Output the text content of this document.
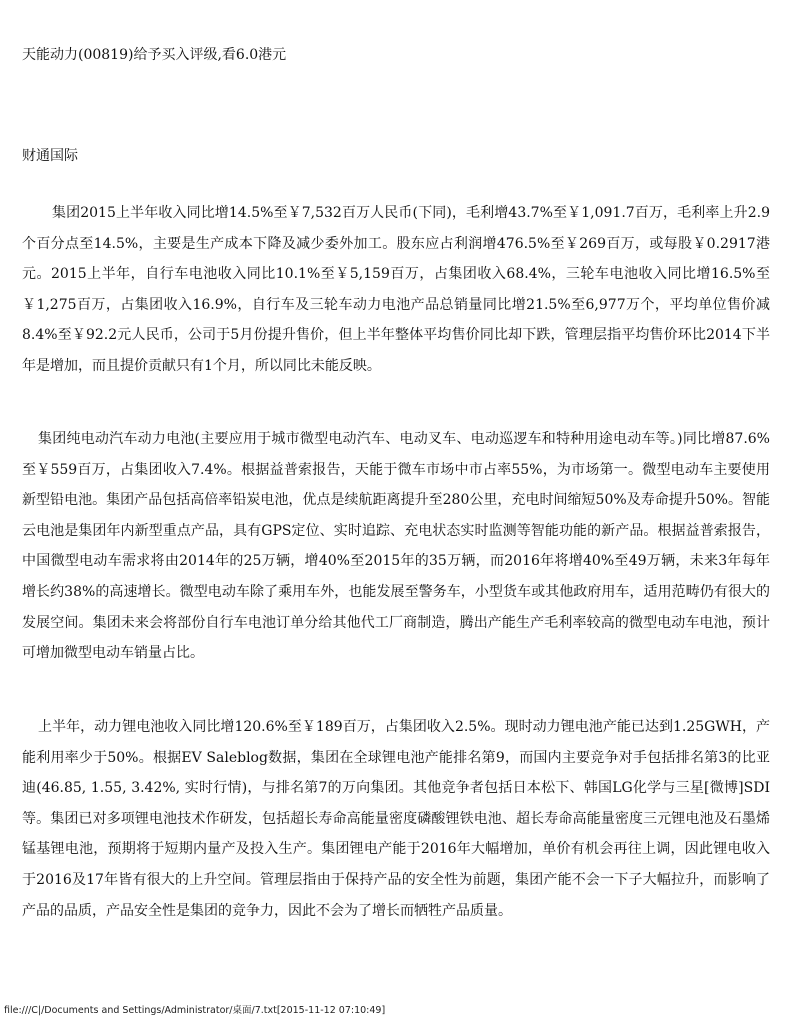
天能动力(00819)给予买入评级,看6.0港元
财通国际

集团2015上半年收入同比增14.5%至￥7,532百万人民币(下同)，毛利增43.7%至￥1,091.7百万，毛利率上升2.9个百分点至14.5%，主要是生产成本下降及减少委外加工。股东应占利润增476.5%至￥269百万，或每股￥0.2917港元。2015上半年，自行车电池收入同比10.1%至￥5,159百万，占集团收入68.4%，三轮车电池收入同比增16.5%至￥1,275百万，占集团收入16.9%，自行车及三轮车动力电池产品总销量同比增21.5%至6,977万个，平均单位售价减8.4%至￥92.2元人民币，公司于5月份提升售价，但上半年整体平均售价同比却下跌，管理层指平均售价环比2014下半年是增加，而且提价贡献只有1个月，所以同比未能反映。

集团纯电动汽车动力电池(主要应用于城市微型电动汽车、电动叉车、电动巡逻车和特种用途电动车等。)同比增87.6%至￥559百万，占集团收入7.4%。根据益普索报告，天能于微车市场中市占率55%，为市场第一。微型电动车主要使用新型铅电池。集团产品包括高倍率铅炭电池，优点是续航距离提升至280公里，充电时间缩短50%及寿命提升50%。智能云电池是集团年内新型重点产品，具有GPS定位、实时追踪、充电状态实时监测等智能功能的新产品。根据益普索报告，中国微型电动车需求将由2014年的25万辆，增40%至2015年的35万辆，而2016年将增40%至49万辆，未来3年每年增长约38%的高速增长。微型电动车除了乘用车外，也能发展至警务车，小型货车或其他政府用车，适用范畴仍有很大的发展空间。集团未来会将部份自行车电池订单分给其他代工厂商制造，腾出产能生产毛利率较高的微型电动车电池，预计可增加微型电动车销量占比。

上半年，动力锂电池收入同比增120.6%至￥189百万，占集团收入2.5%。现时动力锂电池产能已达到1.25GWH，产能利用率少于50%。根据EV Saleblog数据，集团在全球锂电池产能排名第9，而国内主要竞争对手包括排名第3的比亚迪(46.85, 1.55, 3.42%, 实时行情)，与排名第7的万向集团。其他竞争者包括日本松下、韩国LG化学与三星[微博]SDI等。集团已对多项锂电池技术作研发，包括超长寿命高能量密度磷酸锂铁电池、超长寿命高能量密度三元锂电池及石墨烯锰基锂电池，预期将于短期内量产及投入生产。集团锂电产能于2016年大幅增加，单价有机会再往上调，因此锂电收入于2016及17年皆有很大的上升空间。管理层指由于保持产品的安全性为前题，集团产能不会一下子大幅拉升，而影响了产品的品质，产品安全性是集团的竞争力，因此不会为了增长而牺牲产品质量。

file:///C|/Documents and Settings/Administrator/桌面/7.txt[2015-11-12 07:10:49]
